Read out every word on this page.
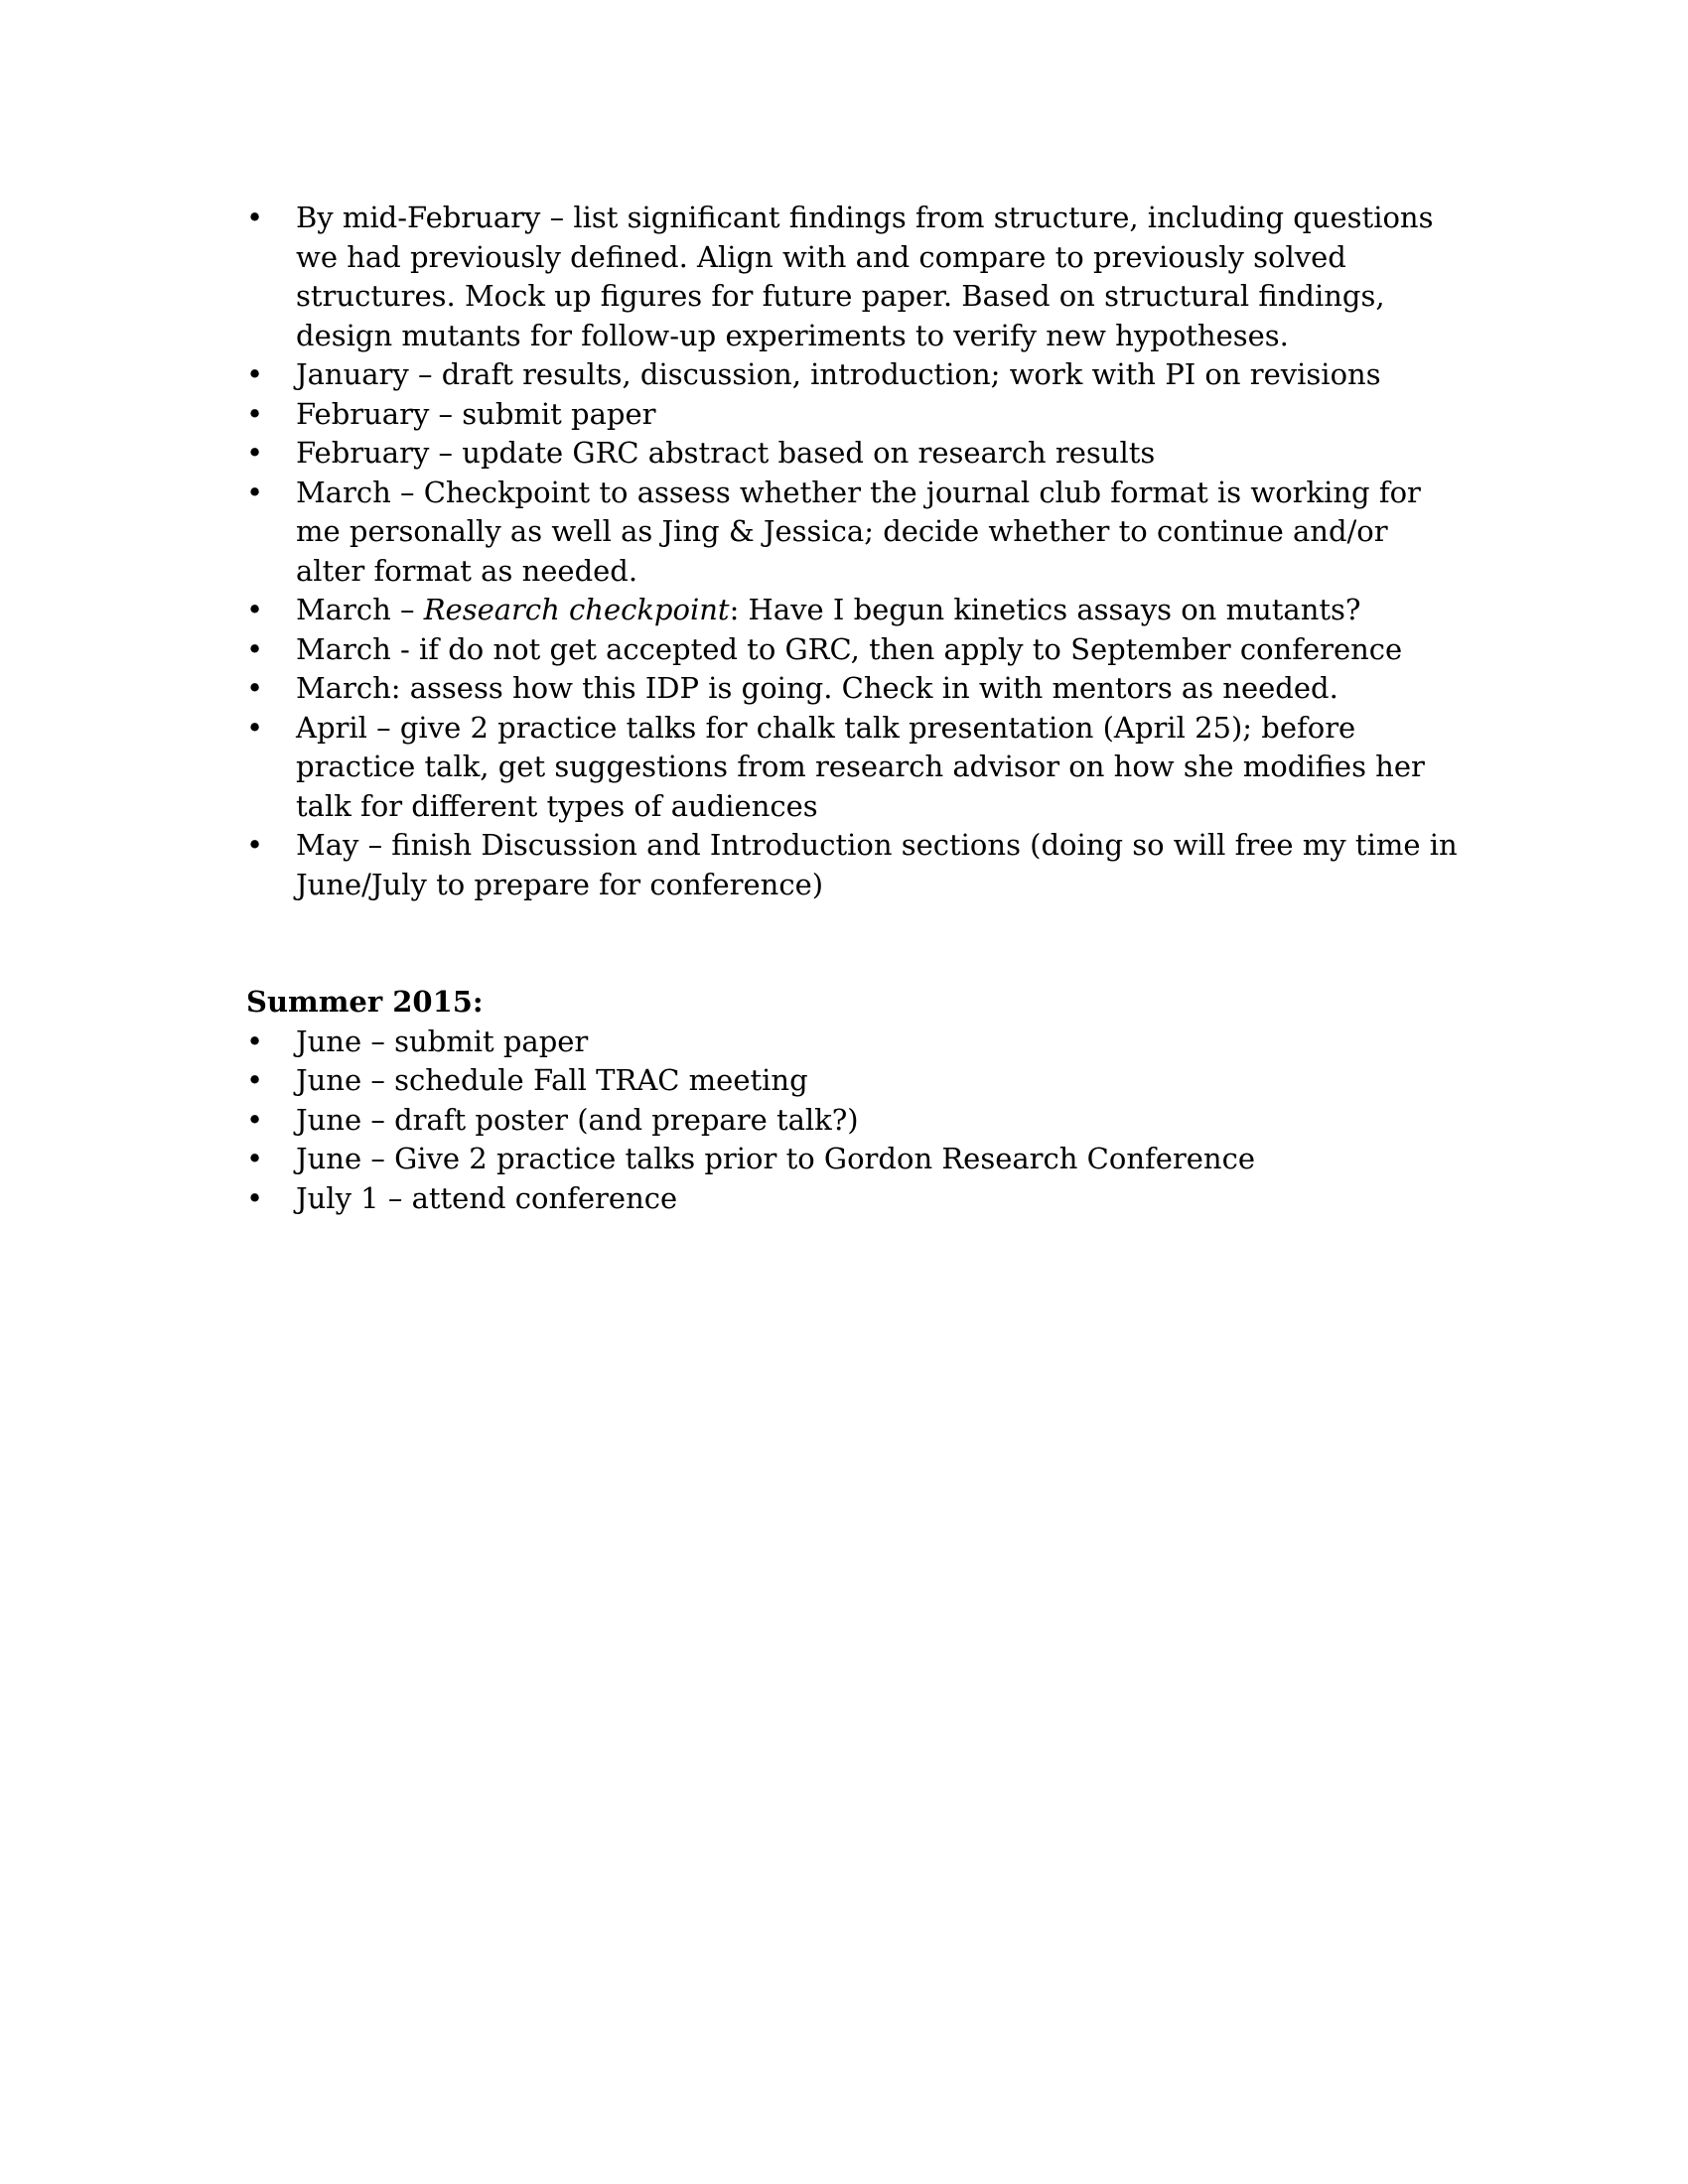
• By mid-February – list significant findings from structure, including questions we had previously defined. Align with and compare to previously solved structures. Mock up figures for future paper. Based on structural findings, design mutants for follow-up experiments to verify new hypotheses.
• January – draft results, discussion, introduction; work with PI on revisions
• February – submit paper
• February – update GRC abstract based on research results
• March – Checkpoint to assess whether the journal club format is working for me personally as well as Jing & Jessica; decide whether to continue and/or alter format as needed.
• March – Research checkpoint: Have I begun kinetics assays on mutants?
• March - if do not get accepted to GRC, then apply to September conference
• March: assess how this IDP is going. Check in with mentors as needed.
• April – give 2 practice talks for chalk talk presentation (April 25); before practice talk, get suggestions from research advisor on how she modifies her talk for different types of audiences
• May – finish Discussion and Introduction sections (doing so will free my time in June/July to prepare for conference)
Summer 2015:
• June – submit paper
• June – schedule Fall TRAC meeting
• June – draft poster (and prepare talk?)
• June – Give 2 practice talks prior to Gordon Research Conference
• July 1 – attend conference
